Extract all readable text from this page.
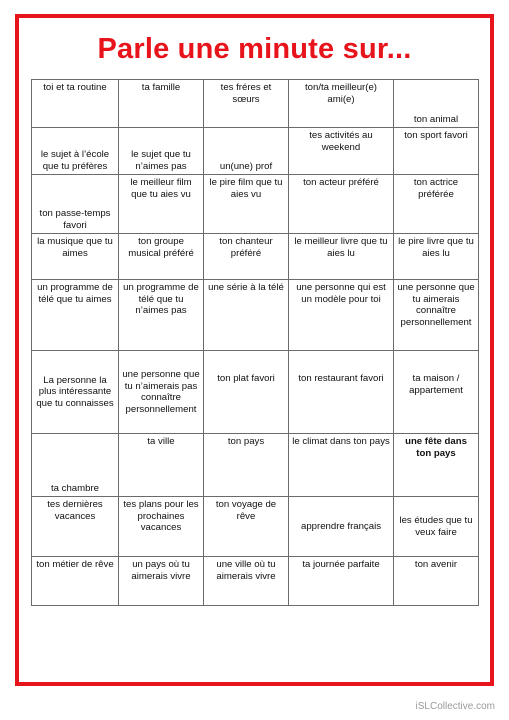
Parle une minute sur...
toi et ta routine	ta famille	tes fréres et sœurs	ton/ta meilleur(e) ami(e)	ton animal
le sujet à l’école que tu préfères	le sujet que tu n’aimes pas	un(une) prof	tes activités au weekend	ton sport favori
ton passe-temps favori	le meilleur film que tu aies vu	le pire film que tu aies vu	ton acteur préféré	ton actrice préférée
la musique que tu aimes	ton groupe musical préféré	ton chanteur préféré	le meilleur livre que tu aies lu	le pire livre que tu aies lu
un programme de télé que tu aimes	un programme de télé que tu n’aimes pas	une série à la télé	une personne qui est un modèle pour toi	une personne que tu aimerais connaître personnellement
La personne la plus intéressante que tu connaisses	une personne que tu n’aimerais pas connaître personnellement	ton plat favori	ton restaurant favori	ta maison / appartement
ta chambre	ta ville	ton pays	le climat dans ton pays	une fête dans ton pays
tes dernières vacances	tes plans pour les prochaines vacances	ton voyage de rêve	apprendre français	les études que tu veux faire
ton métier de rêve	un pays où tu aimerais vivre	une ville où tu aimerais vivre	ta journée parfaite	ton avenir
iSLCollective.com
